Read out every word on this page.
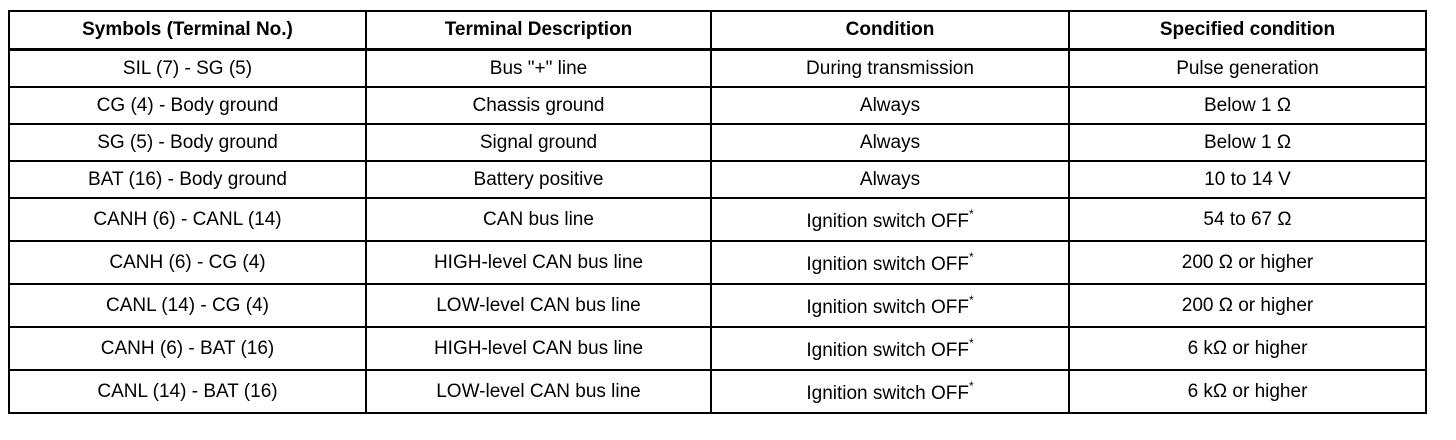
Symbols (Terminal No.)	Terminal Description	Condition	Specified condition
SIL (7) - SG (5)	Bus "+" line	During transmission	Pulse generation
CG (4) - Body ground	Chassis ground	Always	Below 1 Ω
SG (5) - Body ground	Signal ground	Always	Below 1 Ω
BAT (16) - Body ground	Battery positive	Always	10 to 14 V
CANH (6) - CANL (14)	CAN bus line	Ignition switch OFF*	54 to 67 Ω
CANH (6) - CG (4)	HIGH-level CAN bus line	Ignition switch OFF*	200 Ω or higher
CANL (14) - CG (4)	LOW-level CAN bus line	Ignition switch OFF*	200 Ω or higher
CANH (6) - BAT (16)	HIGH-level CAN bus line	Ignition switch OFF*	6 kΩ or higher
CANL (14) - BAT (16)	LOW-level CAN bus line	Ignition switch OFF*	6 kΩ or higher
